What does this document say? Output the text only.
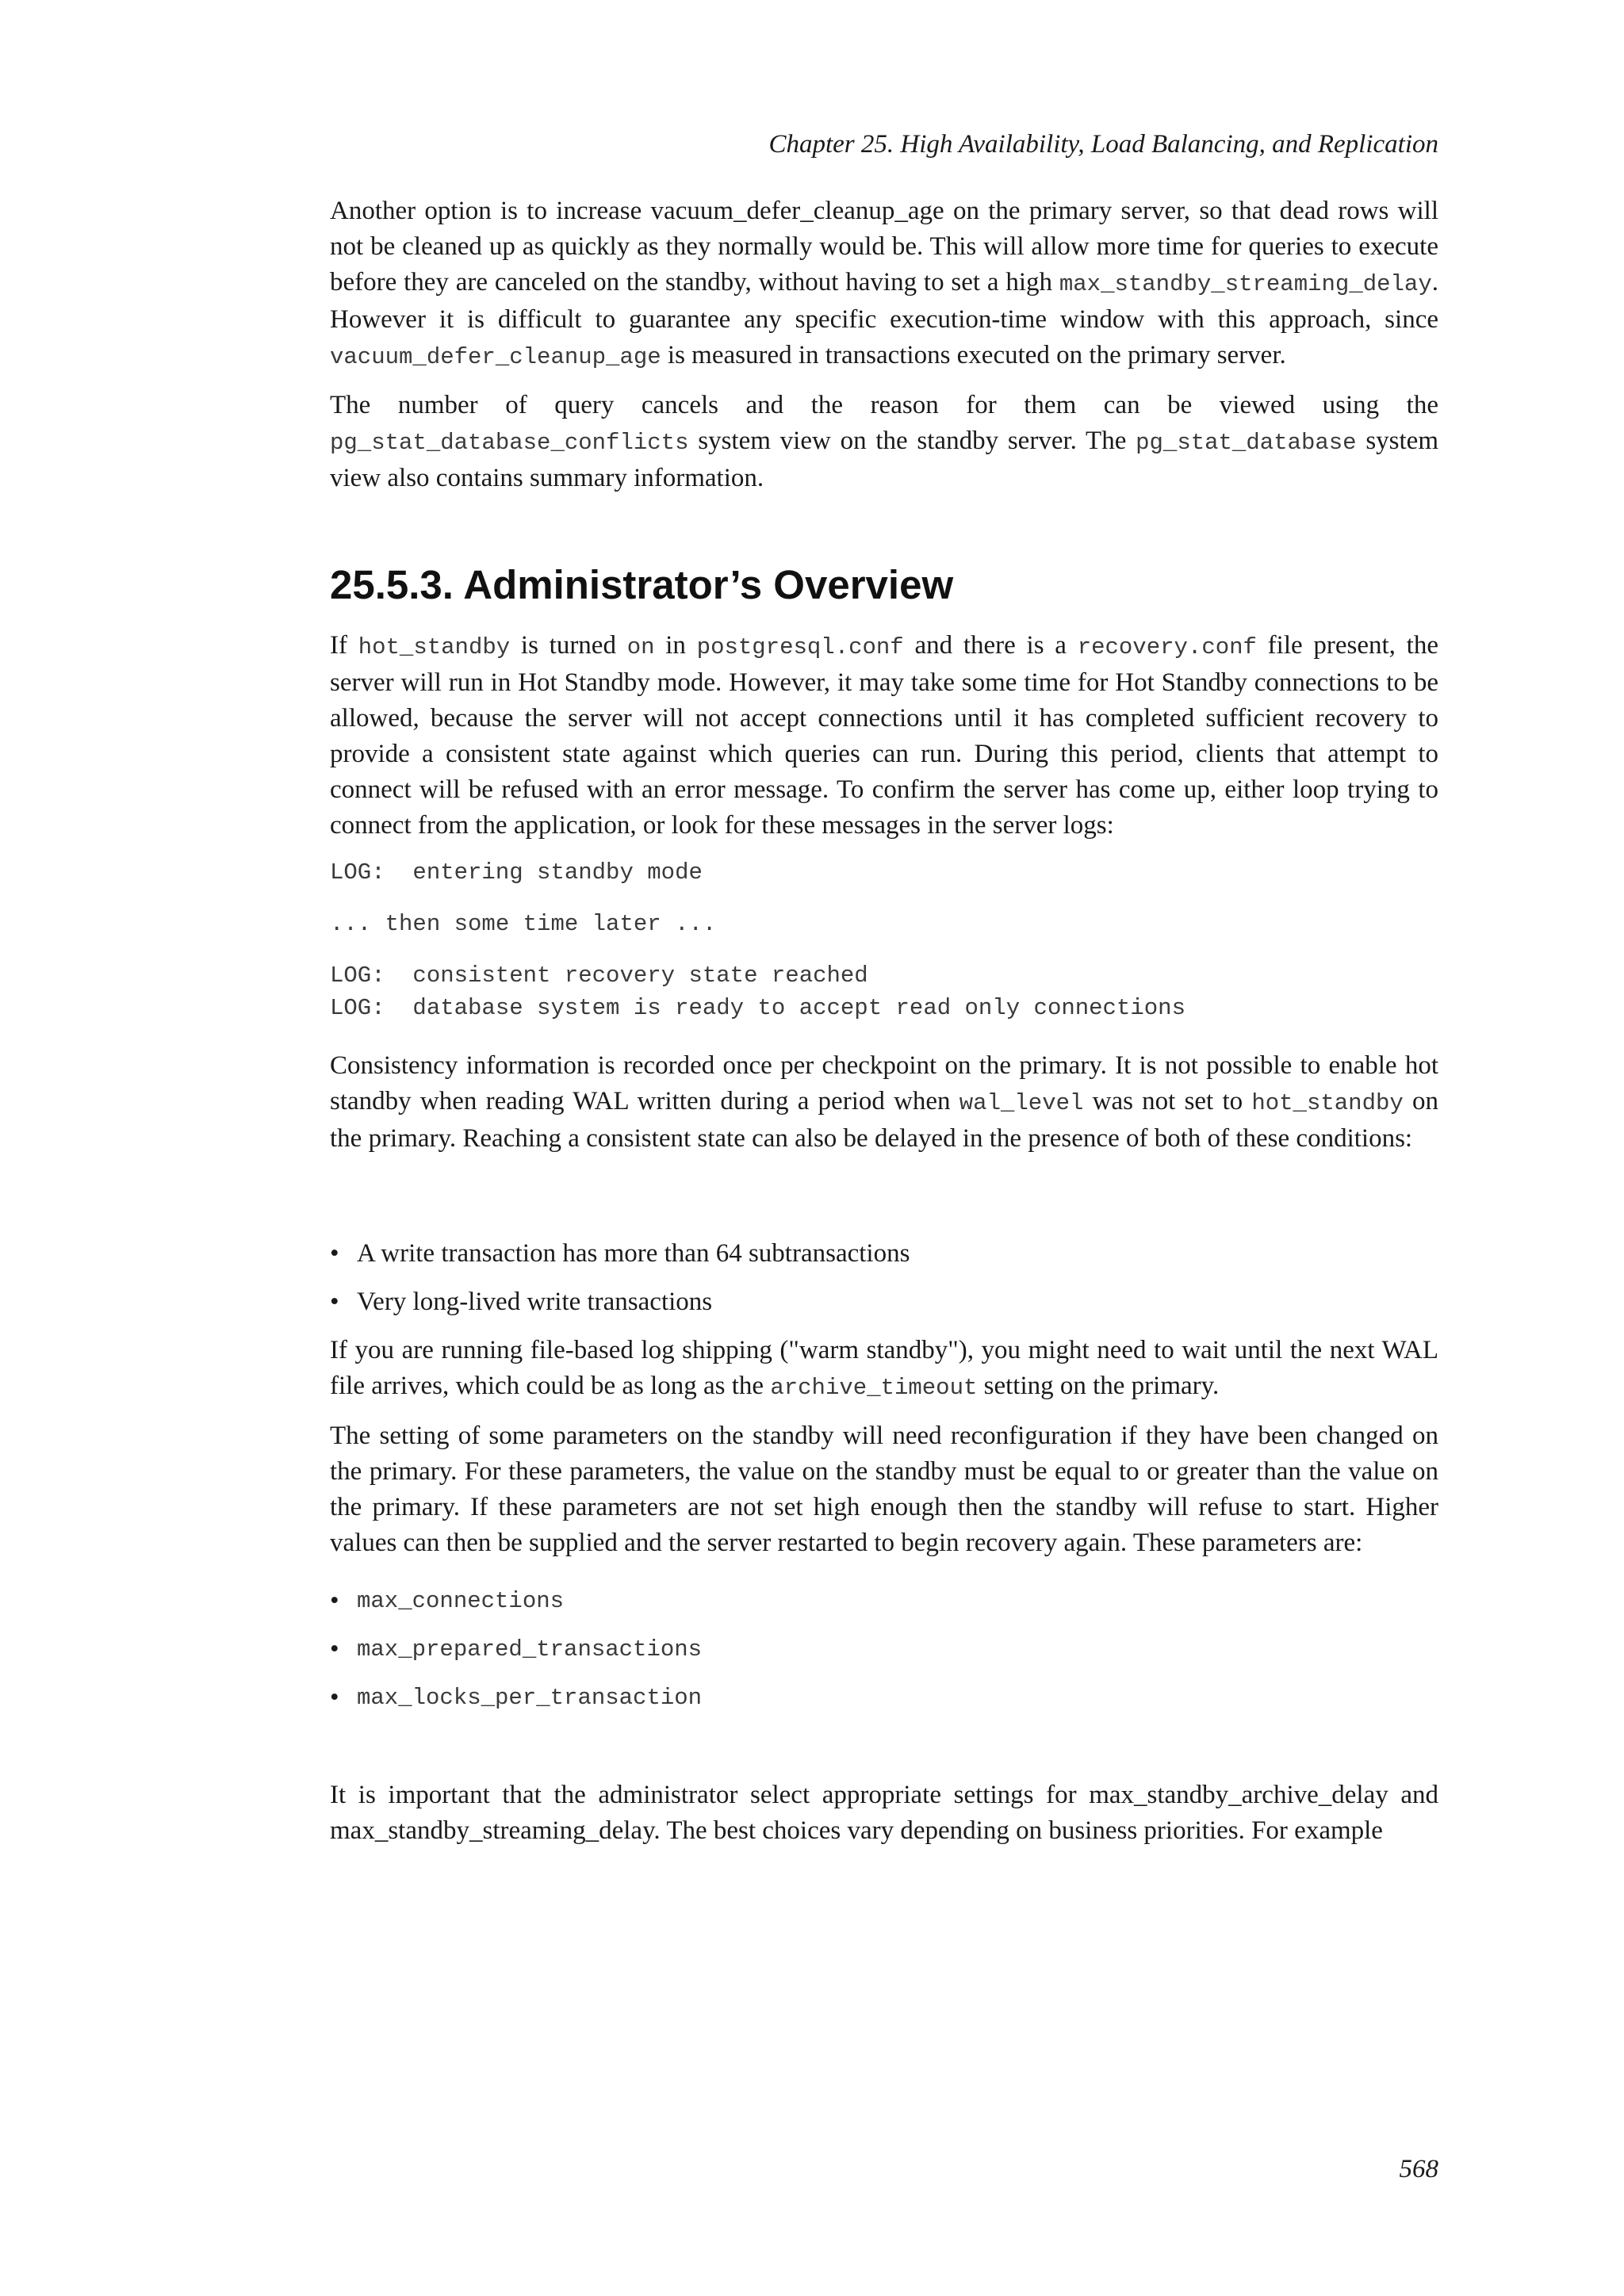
Chapter 25. High Availability, Load Balancing, and Replication

Another option is to increase vacuum_defer_cleanup_age on the primary server, so that dead rows will not be cleaned up as quickly as they normally would be. This will allow more time for queries to execute before they are canceled on the standby, without having to set a high max_standby_streaming_delay. However it is difficult to guarantee any specific execution-time window with this approach, since vacuum_defer_cleanup_age is measured in transactions executed on the primary server.

The number of query cancels and the reason for them can be viewed using the pg_stat_database_conflicts system view on the standby server. The pg_stat_database system view also contains summary information.

25.5.3. Administrator’s Overview

If hot_standby is turned on in postgresql.conf and there is a recovery.conf file present, the server will run in Hot Standby mode. However, it may take some time for Hot Standby connections to be allowed, because the server will not accept connections until it has completed sufficient recovery to provide a consistent state against which queries can run. During this period, clients that attempt to connect will be refused with an error message. To confirm the server has come up, either loop trying to connect from the application, or look for these messages in the server logs:

LOG:  entering standby mode
... then some time later ...
LOG:  consistent recovery state reached
LOG:  database system is ready to accept read only connections

Consistency information is recorded once per checkpoint on the primary. It is not possible to enable hot standby when reading WAL written during a period when wal_level was not set to hot_standby on the primary. Reaching a consistent state can also be delayed in the presence of both of these conditions:

• A write transaction has more than 64 subtransactions
• Very long-lived write transactions

If you are running file-based log shipping ("warm standby"), you might need to wait until the next WAL file arrives, which could be as long as the archive_timeout setting on the primary.

The setting of some parameters on the standby will need reconfiguration if they have been changed on the primary. For these parameters, the value on the standby must be equal to or greater than the value on the primary. If these parameters are not set high enough then the standby will refuse to start. Higher values can then be supplied and the server restarted to begin recovery again. These parameters are:

• max_connections
• max_prepared_transactions
• max_locks_per_transaction

It is important that the administrator select appropriate settings for max_standby_archive_delay and max_standby_streaming_delay. The best choices vary depending on business priorities. For example

568
